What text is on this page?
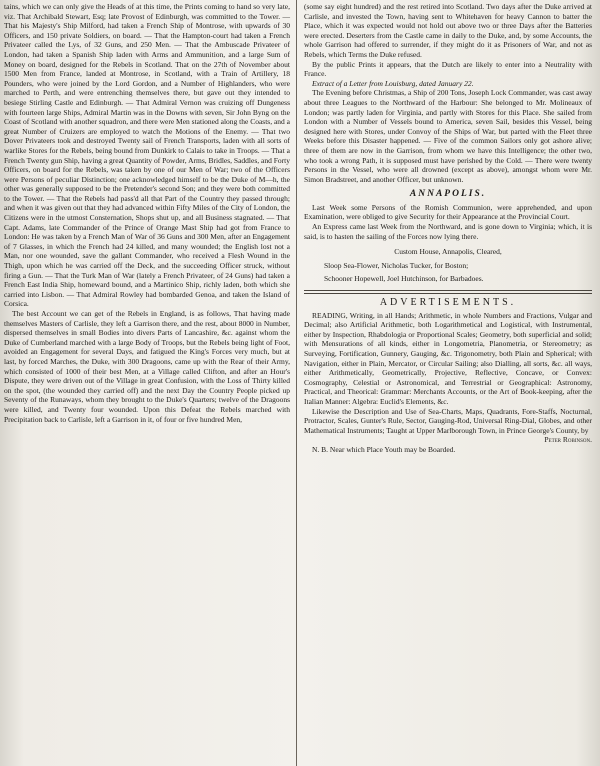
tains, which we can only give the Heads of at this time, the Prints coming to hand so very late, viz. That Archibald Stewart, Esq; late Provost of Edinburgh, was committed to the Tower. — That his Majesty's Ship Milford, had taken a French Ship of Montrose, with upwards of 30 Officers, and 150 private Soldiers, on board. — That the Hampton-court had taken a French Privateer called the Lys, of 32 Guns, and 250 Men. — That the Ambuscade Privateer of London, had taken a Spanish Ship laden with Arms and Ammunition, and a large Sum of Money on board, designed for the Rebels in Scotland. That on the 27th of November about 1500 Men from France, landed at Montrose, in Scotland, with a Train of Artillery, 18 Pounders, who were joined by the Lord Gordon, and a Number of Highlanders, who were marched to Perth, and were entrenching themselves there, but gave out they intended to besiege Stirling Castle and Edinburgh. — That Admiral Vernon was cruizing off Dungeness with fourteen large Ships, Admiral Martin was in the Downs with seven, Sir John Byng on the Coast of Scotland with another squadron, and there were Men stationed along the Coasts, and a great Number of Cruizers are employed to watch the Motions of the Enemy. — That two Dover Privateers took and destroyed Twenty sail of French Transports, laden with all sorts of warlike Stores for the Rebels, being bound from Dunkirk to Calais to take in Troops. — That a French Twenty gun Ship, having a great Quantity of Powder, Arms, Bridles, Saddles, and Forty Officers, on board for the Rebels, was taken by one of our Men of War; two of the Officers were Persons of peculiar Distinction; one acknowledged himself to be the Duke of M—h, the other was generally supposed to be the Pretender's second Son; and they were both committed to the Tower. — That the Rebels had pass'd all that Part of the Country they passed through; and when it was given out that they had advanced within Fifty Miles of the City of London, the Citizens were in the utmost Consternation, Shops shut up, and all Business stagnated. — That Capt. Adams, late Commander of the Prince of Orange Mast Ship had got from France to London: He was taken by a French Man of War of 36 Guns and 300 Men, after an Engagement of 7 Glasses, in which the French had 24 killed, and many wounded; the English lost not a Man, nor one wounded, save the gallant Commander, who received a Flesh Wound in the Thigh, upon which he was carried off the Deck, and the succeeding Officer struck, without firing a Gun. — That the Turk Man of War (lately a French Privateer, of 24 Guns) had taken a French East India Ship, homeward bound, and a Martinico Ship, richly laden, both which she carried into Lisbon. — That Admiral Rowley had bombarded Genoa, and taken the Island of Corsica.

The best Account we can get of the Rebels in England, is as follows, That having made themselves Masters of Carlisle, they left a Garrison there, and the rest, about 8000 in Number, dispersed themselves in small Bodies into divers Parts of Lancashire, &c. against whom the Duke of Cumberland marched with a large Body of Troops, but the Rebels being light of Foot, avoided an Engagement for several Days, and fatigued the King's Forces very much, but at last, by forced Marches, the Duke, with 300 Dragoons, came up with the Rear of their Army, which consisted of 1000 of their best Men, at a Village called Clifton, and after an Hour's Dispute, they were driven out of the Village in great Confusion, with the Loss of Thirty killed on the spot, (the wounded they carried off) and the next Day the Country People picked up Seventy of the Runaways, whom they brought to the Duke's Quarters; twelve of the Dragoons were killed, and Twenty four wounded. Upon this Defeat the Rebels marched with Precipitation back to Carlisle, left a Garrison in it, of four or five hundred Men,

(some say eight hundred) and the rest retired into Scotland. Two days after the Duke arrived at Carlisle, and invested the Town, having sent to Whitehaven for heavy Cannon to batter the Place, which it was expected would not hold out above two or three Days after the Batteries were erected. Deserters from the Castle came in daily to the Duke, and, by some Accounts, the whole Garrison had offered to surrender, if they might do it as Prisoners of War, and not as Rebels, which Terms the Duke refused.

By the public Prints it appears, that the Dutch are likely to enter into a Neutrality with France.

Extract of a Letter from Louisburg, dated January 22.

The Evening before Christmas, a Ship of 200 Tons, Joseph Lock Commander, was cast away about three Leagues to the Northward of the Harbour: She belonged to Mr. Molineaux of London; was partly laden for Virginia, and partly with Stores for this Place. She sailed from London with a Number of Vessels bound to America, seven Sail, besides this Vessel, being designed here with Stores, under Convoy of the Ships of War, but parted with the Fleet three Weeks before this Disaster happened. — Five of the common Sailors only got ashore alive; three of them are now in the Garrison, from whom we have this Intelligence; the other two, who took a wrong Path, it is supposed must have perished by the Cold. — There were twenty Persons in the Vessel, who were all drowned (except as above), amongst whom were Mr. Simon Bradstreet, and another Officer, but unknown.

ANNAPOLIS.

Last Week some Persons of the Romish Communion, were apprehended, and upon Examination, were obliged to give Security for their Appearance at the Provincial Court.

An Express came last Week from the Northward, and is gone down to Virginia; which, it is said, is to hasten the sailing of the Forces now lying there.

Custom House, Annapolis, Cleared,
Sloop Sea-Flower, Nicholas Tucker, for Boston;
Schooner Hopewell, Joel Hutchinson, for Barbadoes.
ADVERTISEMENTS.

READING, Writing, in all Hands; Arithmetic, in whole Numbers and Fractions, Vulgar and Decimal; also Artificial Arithmetic, both Logarithmetical and Logistical, with Instrumental, either by Inspection, Rhabdologia or Proportional Scales; Geometry, both superficial and solid; with Mensurations of all kinds, either in Longometria, Planometria, or Stereometry; as Surveying, Fortification, Gunnery, Gauging, &c. Trigonometry, both Plain and Spherical; with Navigation, either in Plain, Mercator, or Circular Sailing; also Dialling, all sorts, &c. all ways, either Arithmetically, Geometrically, Projective, Reflective, Concave, or Convex: Cosmography, Celestial or Astronomical, and Terrestrial or Geographical: Astronomy, Practical, and Theorical: Grammar: Merchants Accounts, or the Art of Book-keeping, after the Italian Manner: Algebra: Euclid's Elements, &c.

Likewise the Description and Use of Sea-Charts, Maps, Quadrants, Fore-Staffs, Nocturnal, Protractor, Scales, Gunter's Rule, Sector, Gauging-Rod, Universal Ring-Dial, Globes, and other Mathematical Instruments; Taught at Upper Marlborough Town, in Prince George's County, by

Peter Robinson.

N. B. Near which Place Youth may be Boarded.
